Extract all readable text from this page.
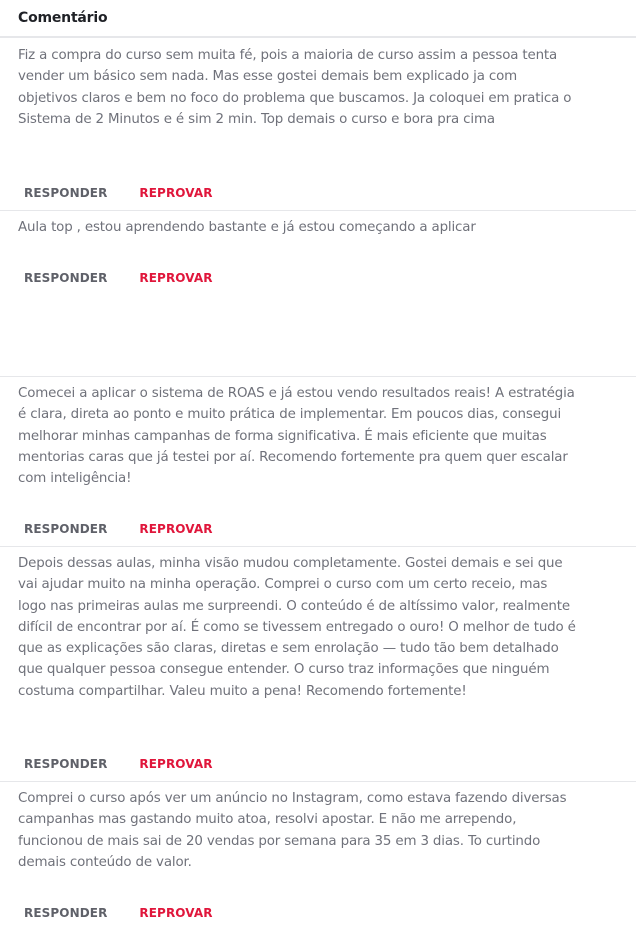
Comentário
Fiz a compra do curso sem muita fé, pois a maioria de curso assim a pessoa tenta vender um básico sem nada. Mas esse gostei demais bem explicado ja com objetivos claros e bem no foco do problema que buscamos. Ja coloquei em pratica o Sistema de 2 Minutos e é sim 2 min. Top demais o curso e bora pra cima
RESPONDER	REPROVAR
Aula top , estou aprendendo bastante e já estou começando a aplicar
RESPONDER	REPROVAR
Comecei a aplicar o sistema de ROAS e já estou vendo resultados reais! A estratégia é clara, direta ao ponto e muito prática de implementar. Em poucos dias, consegui melhorar minhas campanhas de forma significativa. É mais eficiente que muitas mentorias caras que já testei por aí. Recomendo fortemente pra quem quer escalar com inteligência!
RESPONDER	REPROVAR
Depois dessas aulas, minha visão mudou completamente. Gostei demais e sei que vai ajudar muito na minha operação. Comprei o curso com um certo receio, mas logo nas primeiras aulas me surpreendi. O conteúdo é de altíssimo valor, realmente difícil de encontrar por aí. É como se tivessem entregado o ouro! O melhor de tudo é que as explicações são claras, diretas e sem enrolação — tudo tão bem detalhado que qualquer pessoa consegue entender. O curso traz informações que ninguém costuma compartilhar. Valeu muito a pena! Recomendo fortemente!
RESPONDER	REPROVAR
Comprei o curso após ver um anúncio no Instagram, como estava fazendo diversas campanhas mas gastando muito atoa, resolvi apostar. E não me arrependo, funcionou de mais sai de 20 vendas por semana para 35 em 3 dias. To curtindo demais conteúdo de valor.
RESPONDER	REPROVAR
